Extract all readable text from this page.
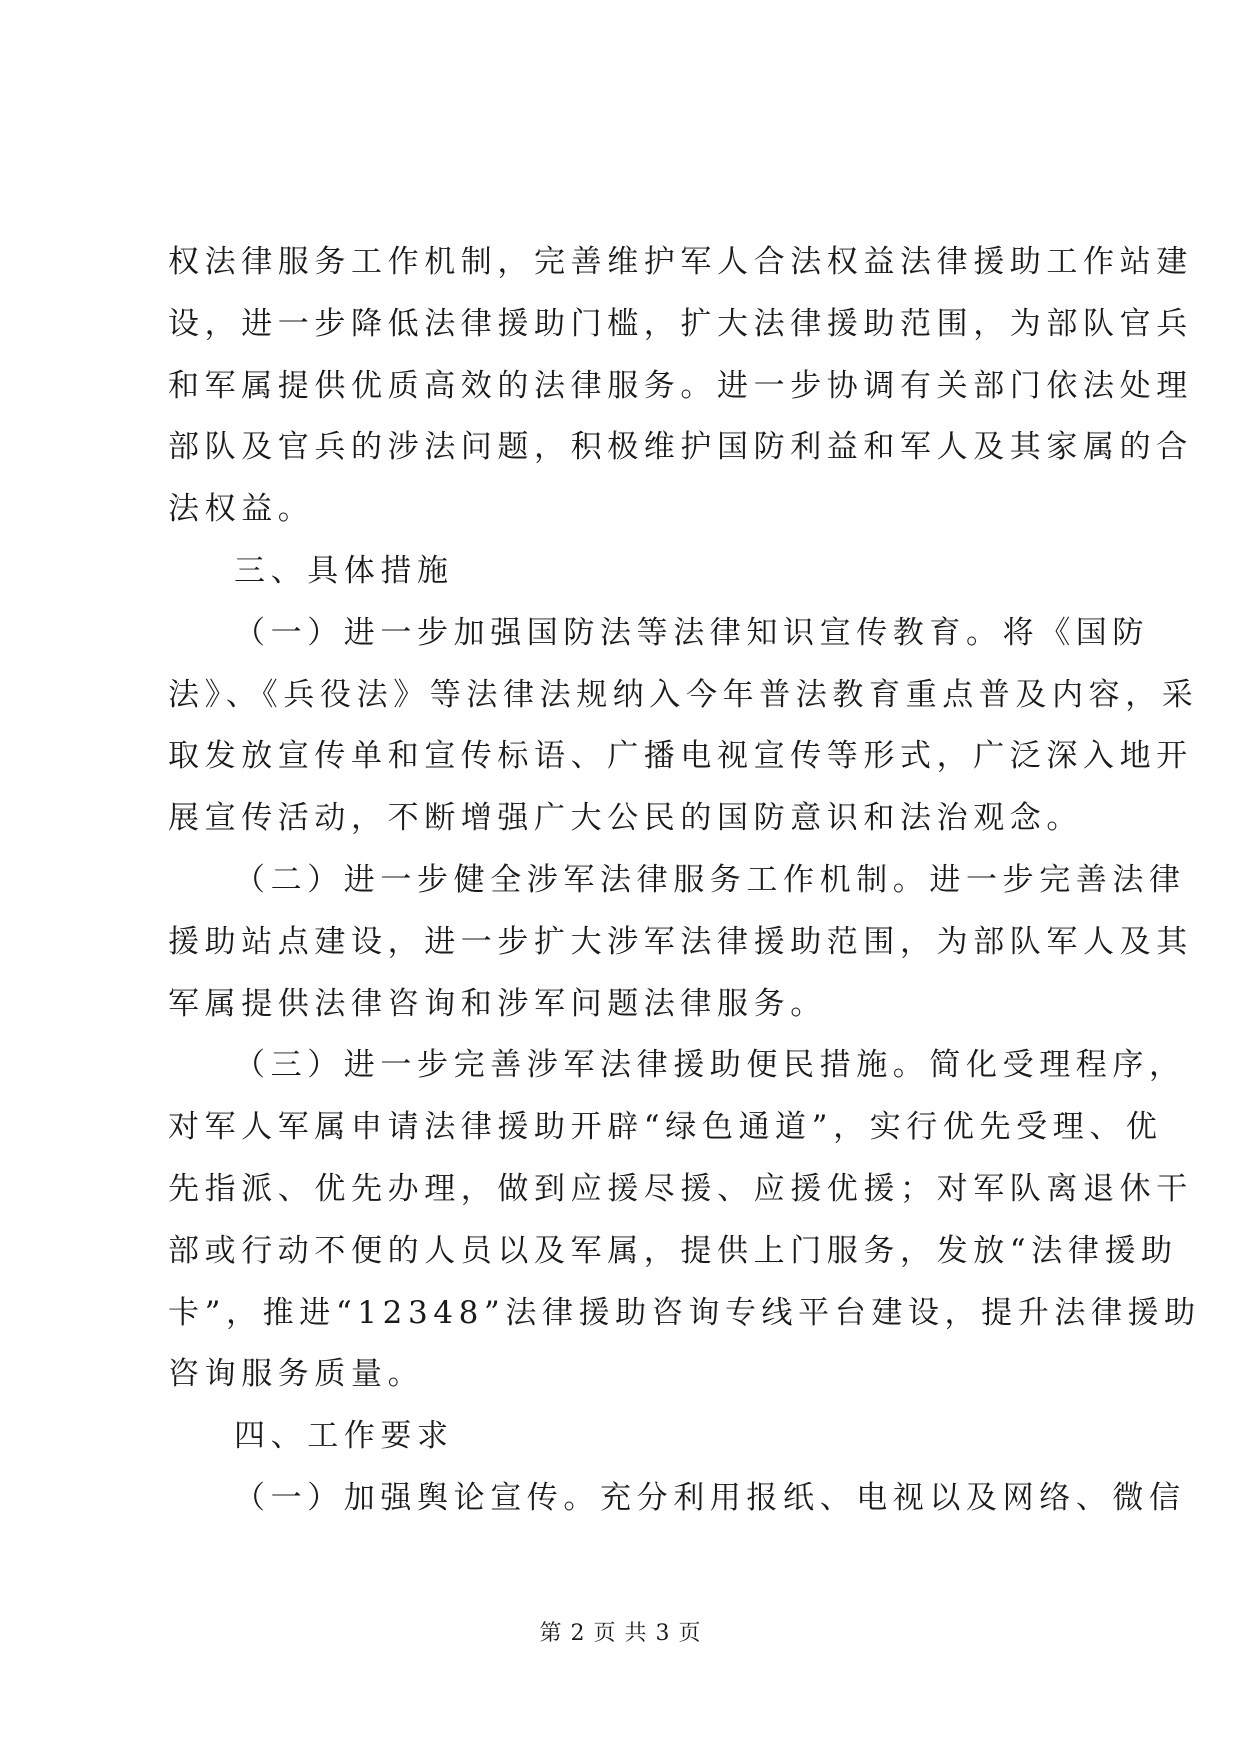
权法律服务工作机制，完善维护军人合法权益法律援助工作站建
设，进一步降低法律援助门槛，扩大法律援助范围，为部队官兵
和军属提供优质高效的法律服务。进一步协调有关部门依法处理
部队及官兵的涉法问题，积极维护国防利益和军人及其家属的合
法权益。
三、具体措施
（一）进一步加强国防法等法律知识宣传教育。将《国防
法》、《兵役法》等法律法规纳入今年普法教育重点普及内容，采
取发放宣传单和宣传标语、广播电视宣传等形式，广泛深入地开
展宣传活动，不断增强广大公民的国防意识和法治观念。
（二）进一步健全涉军法律服务工作机制。进一步完善法律
援助站点建设，进一步扩大涉军法律援助范围，为部队军人及其
军属提供法律咨询和涉军问题法律服务。
（三）进一步完善涉军法律援助便民措施。简化受理程序，
对军人军属申请法律援助开辟“绿色通道”，实行优先受理、优
先指派、优先办理，做到应援尽援、应援优援；对军队离退休干
部或行动不便的人员以及军属，提供上门服务，发放“法律援助
卡”，推进“12348”法律援助咨询专线平台建设，提升法律援助
咨询服务质量。
四、工作要求
（一）加强舆论宣传。充分利用报纸、电视以及网络、微信
第 2 页 共 3 页
